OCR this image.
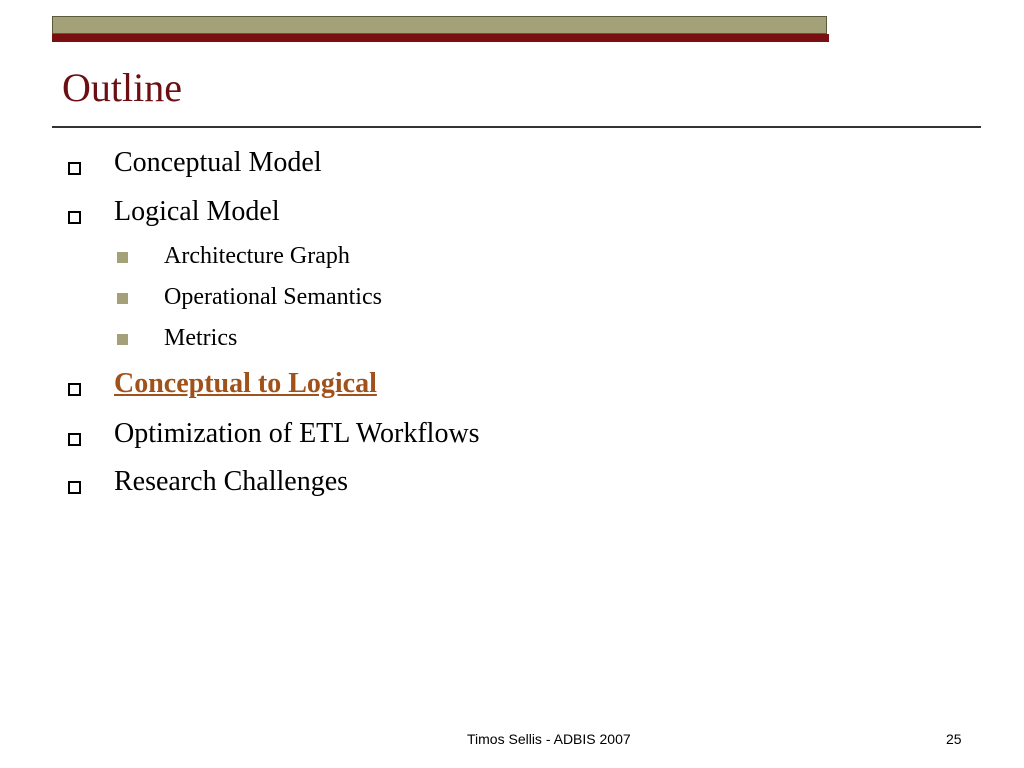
Outline
Conceptual Model
Logical Model
Architecture Graph
Operational Semantics
Metrics
Conceptual to Logical
Optimization of ETL Workflows
Research Challenges
Timos Sellis - ADBIS 2007	25
